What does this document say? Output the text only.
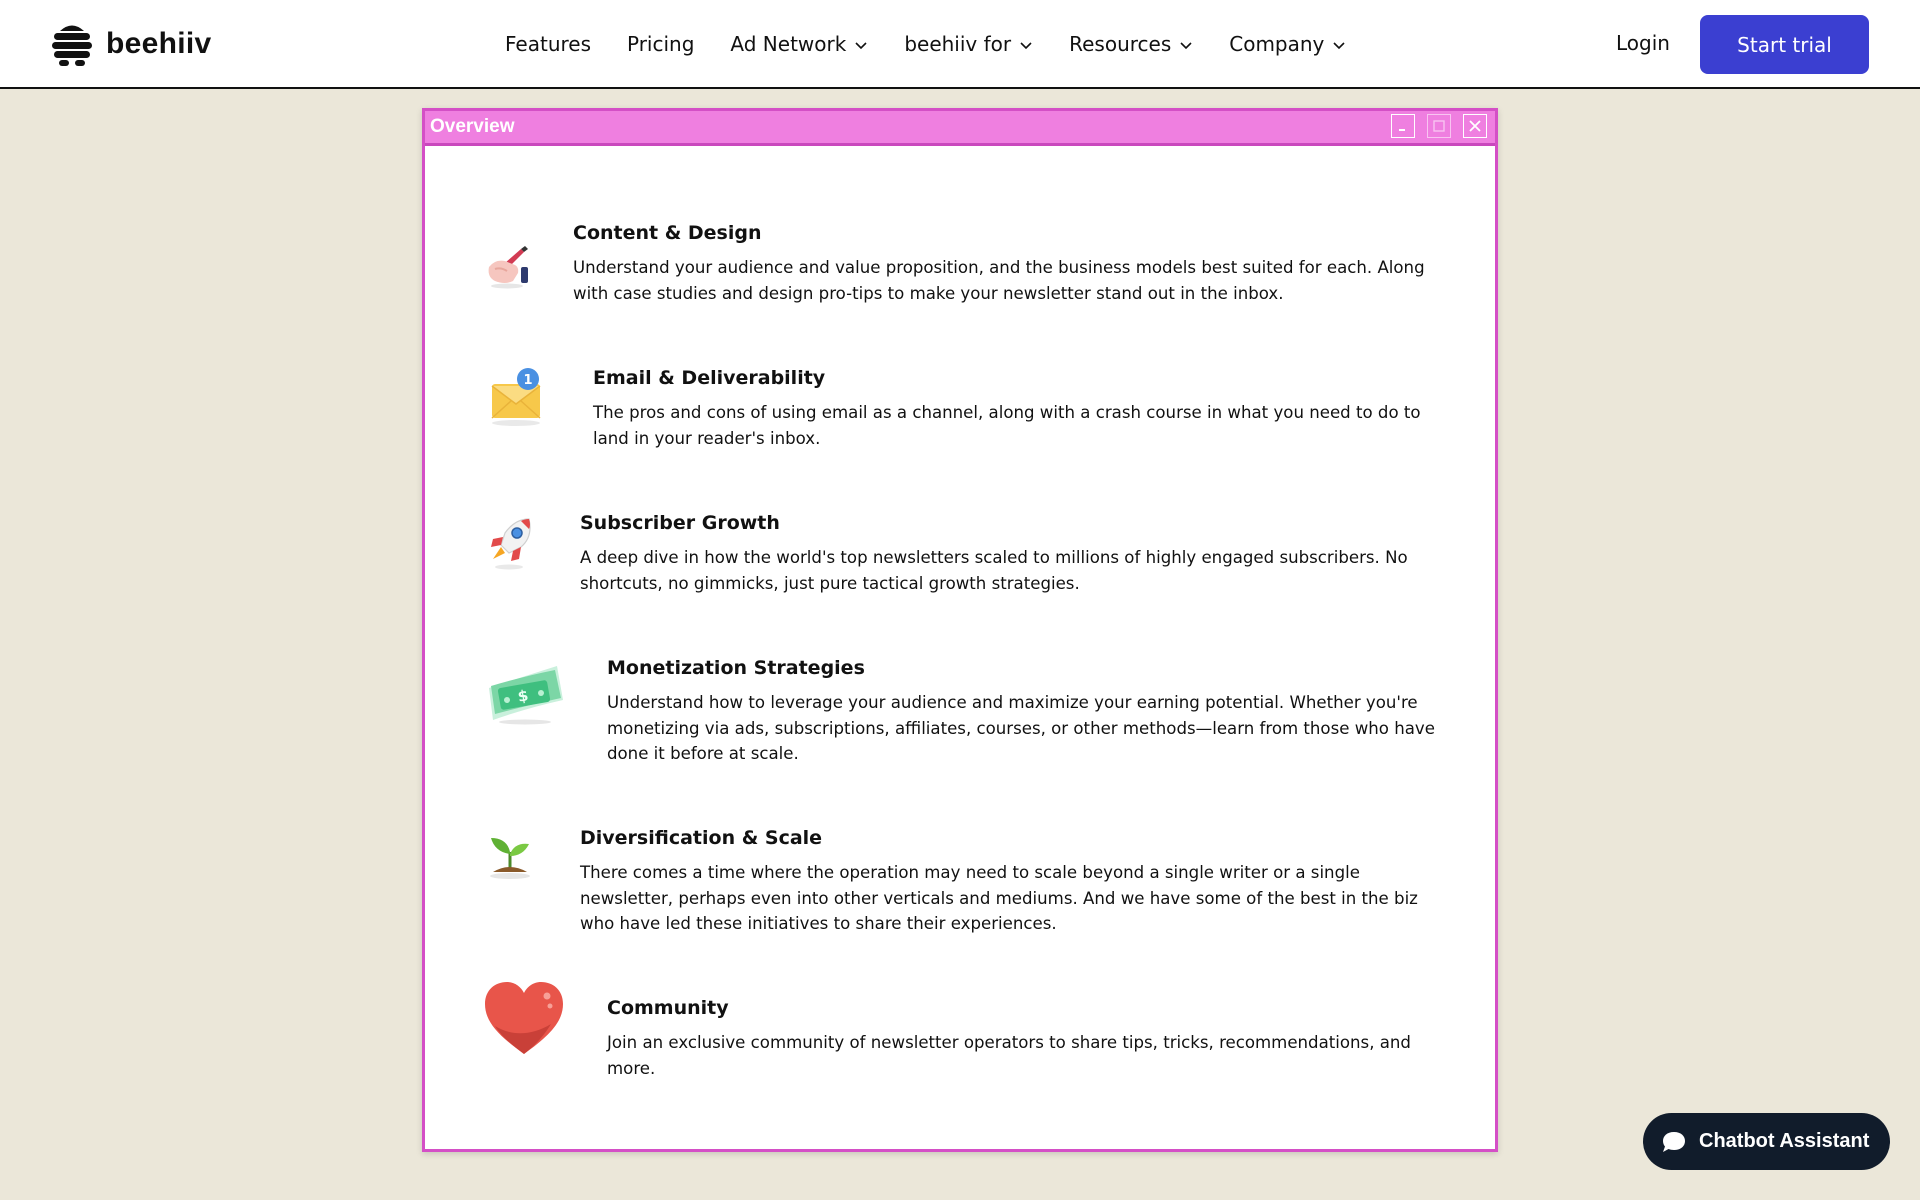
beehiiv	Features Pricing Ad Network	beehiiv for	Resources	Company	Login	Start trial
Overview

Content & Design

Understand your audience and value proposition, and the business models best suited for each. Along with case studies and design pro-tips to make your newsletter stand out in the inbox.

1	Email & Deliverability

The pros and cons of using email as a channel, along with a crash course in what you need to do to land in your reader's inbox.

Subscriber Growth

A deep dive in how the world's top newsletters scaled to millions of highly engaged subscribers. No shortcuts, no gimmicks, just pure tactical growth strategies.

$

Monetization Strategies

Understand how to leverage your audience and maximize your earning potential. Whether you're monetizing via ads, subscriptions, affiliates, courses, or other methods—learn from those who have done it before at scale.

Diversification & Scale

There comes a time where the operation may need to scale beyond a single writer or a single newsletter, perhaps even into other verticals and mediums. And we have some of the best in the biz who have led these initiatives to share their experiences.

Community

Join an exclusive community of newsletter operators to share tips, tricks, recommendations, and more.

Chatbot Assistant
